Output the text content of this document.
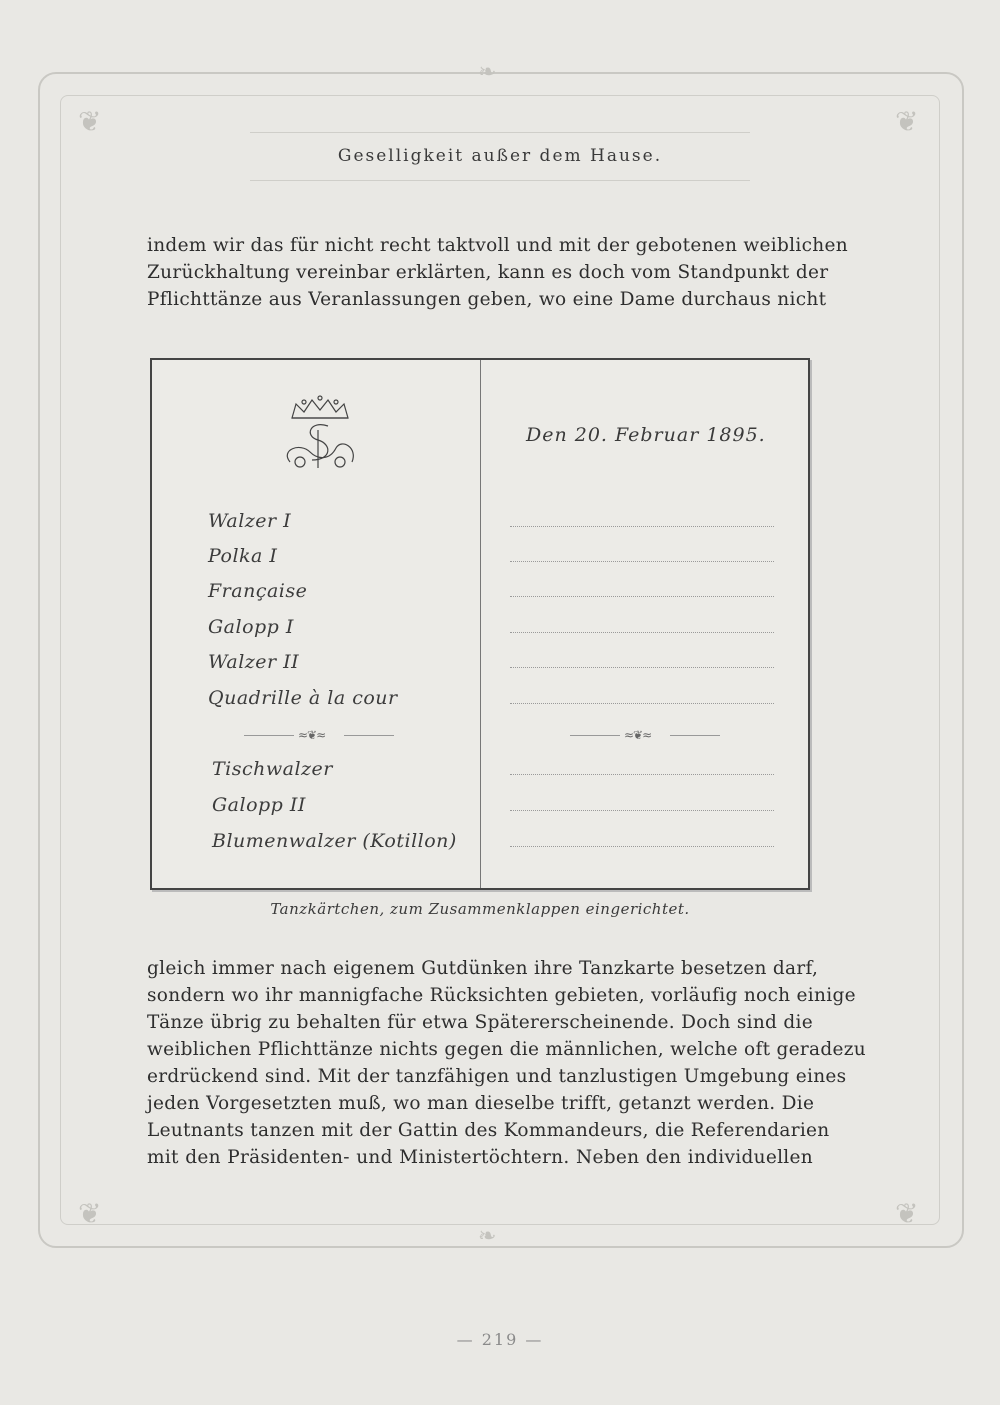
❦	❦
❦	❦
❧
❧
Geselligkeit außer dem Hause.
indem wir das für nicht recht taktvoll und mit der gebotenen weiblichen
Zurückhaltung vereinbar erklärten, kann es doch vom Standpunkt der
Pflichttänze aus Veranlassungen geben, wo eine Dame durchaus nicht
Walzer I
Polka I
Française
Galopp I
Walzer II
Quadrille à la cour
≈❦≈
Tischwalzer
Galopp II
Blumenwalzer (Kotillon)
Den 20. Februar 1895.
≈❦≈
Tanzkärtchen, zum Zusammenklappen eingerichtet.
gleich immer nach eigenem Gutdünken ihre Tanzkarte besetzen darf,
sondern wo ihr mannigfache Rücksichten gebieten, vorläufig noch einige
Tänze übrig zu behalten für etwa Spätererscheinende. Doch sind die
weiblichen Pflichttänze nichts gegen die männlichen, welche oft geradezu
erdrückend sind. Mit der tanzfähigen und tanzlustigen Umgebung eines
jeden Vorgesetzten muß, wo man dieselbe trifft, getanzt werden. Die
Leutnants tanzen mit der Gattin des Kommandeurs, die Referendarien
mit den Präsidenten- und Ministertöchtern. Neben den individuellen
— 219 —
